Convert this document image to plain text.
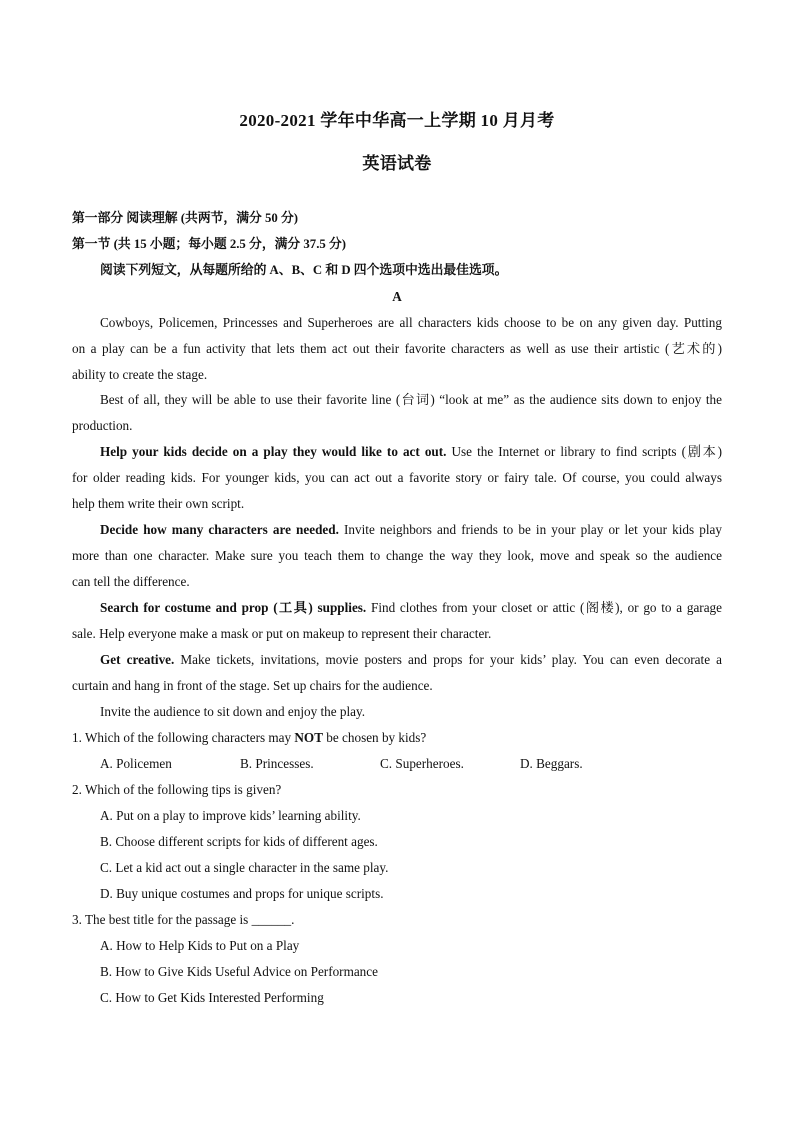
2020-2021 学年中华高一上学期 10 月月考
英语试卷
第一部分 阅读理解 (共两节，满分 50 分)
第一节 (共 15 小题；每小题 2.5 分，满分 37.5 分)
阅读下列短文，从每题所给的 A、B、C 和 D 四个选项中选出最佳选项。
A
Cowboys, Policemen, Princesses and Superheroes are all characters kids choose to be on any given day. Putting
on a play can be a fun activity that lets them act out their favorite characters as well as use their artistic (艺术的)
ability to create the stage.
Best of all, they will be able to use their favorite line (台词) “look at me” as the audience sits down to enjoy the
production.
Help your kids decide on a play they would like to act out. Use the Internet or library to find scripts (剧本)
for older reading kids. For younger kids, you can act out a favorite story or fairy tale. Of course, you could always
help them write their own script.
Decide how many characters are needed. Invite neighbors and friends to be in your play or let your kids play
more than one character. Make sure you teach them to change the way they look, move and speak so the audience
can tell the difference.
Search for costume and prop (工具) supplies. Find clothes from your closet or attic (阁楼), or go to a garage
sale. Help everyone make a mask or put on makeup to represent their character.
Get creative. Make tickets, invitations, movie posters and props for your kids’ play. You can even decorate a
curtain and hang in front of the stage. Set up chairs for the audience.
Invite the audience to sit down and enjoy the play.
1. Which of the following characters may NOT be chosen by kids?
A. Policemen	B. Princesses.	C. Superheroes.	D. Beggars.
2. Which of the following tips is given?
A. Put on a play to improve kids’ learning ability.
B. Choose different scripts for kids of different ages.
C. Let a kid act out a single character in the same play.
D. Buy unique costumes and props for unique scripts.
3. The best title for the passage is ______.
A. How to Help Kids to Put on a Play
B. How to Give Kids Useful Advice on Performance
C. How to Get Kids Interested Performing
